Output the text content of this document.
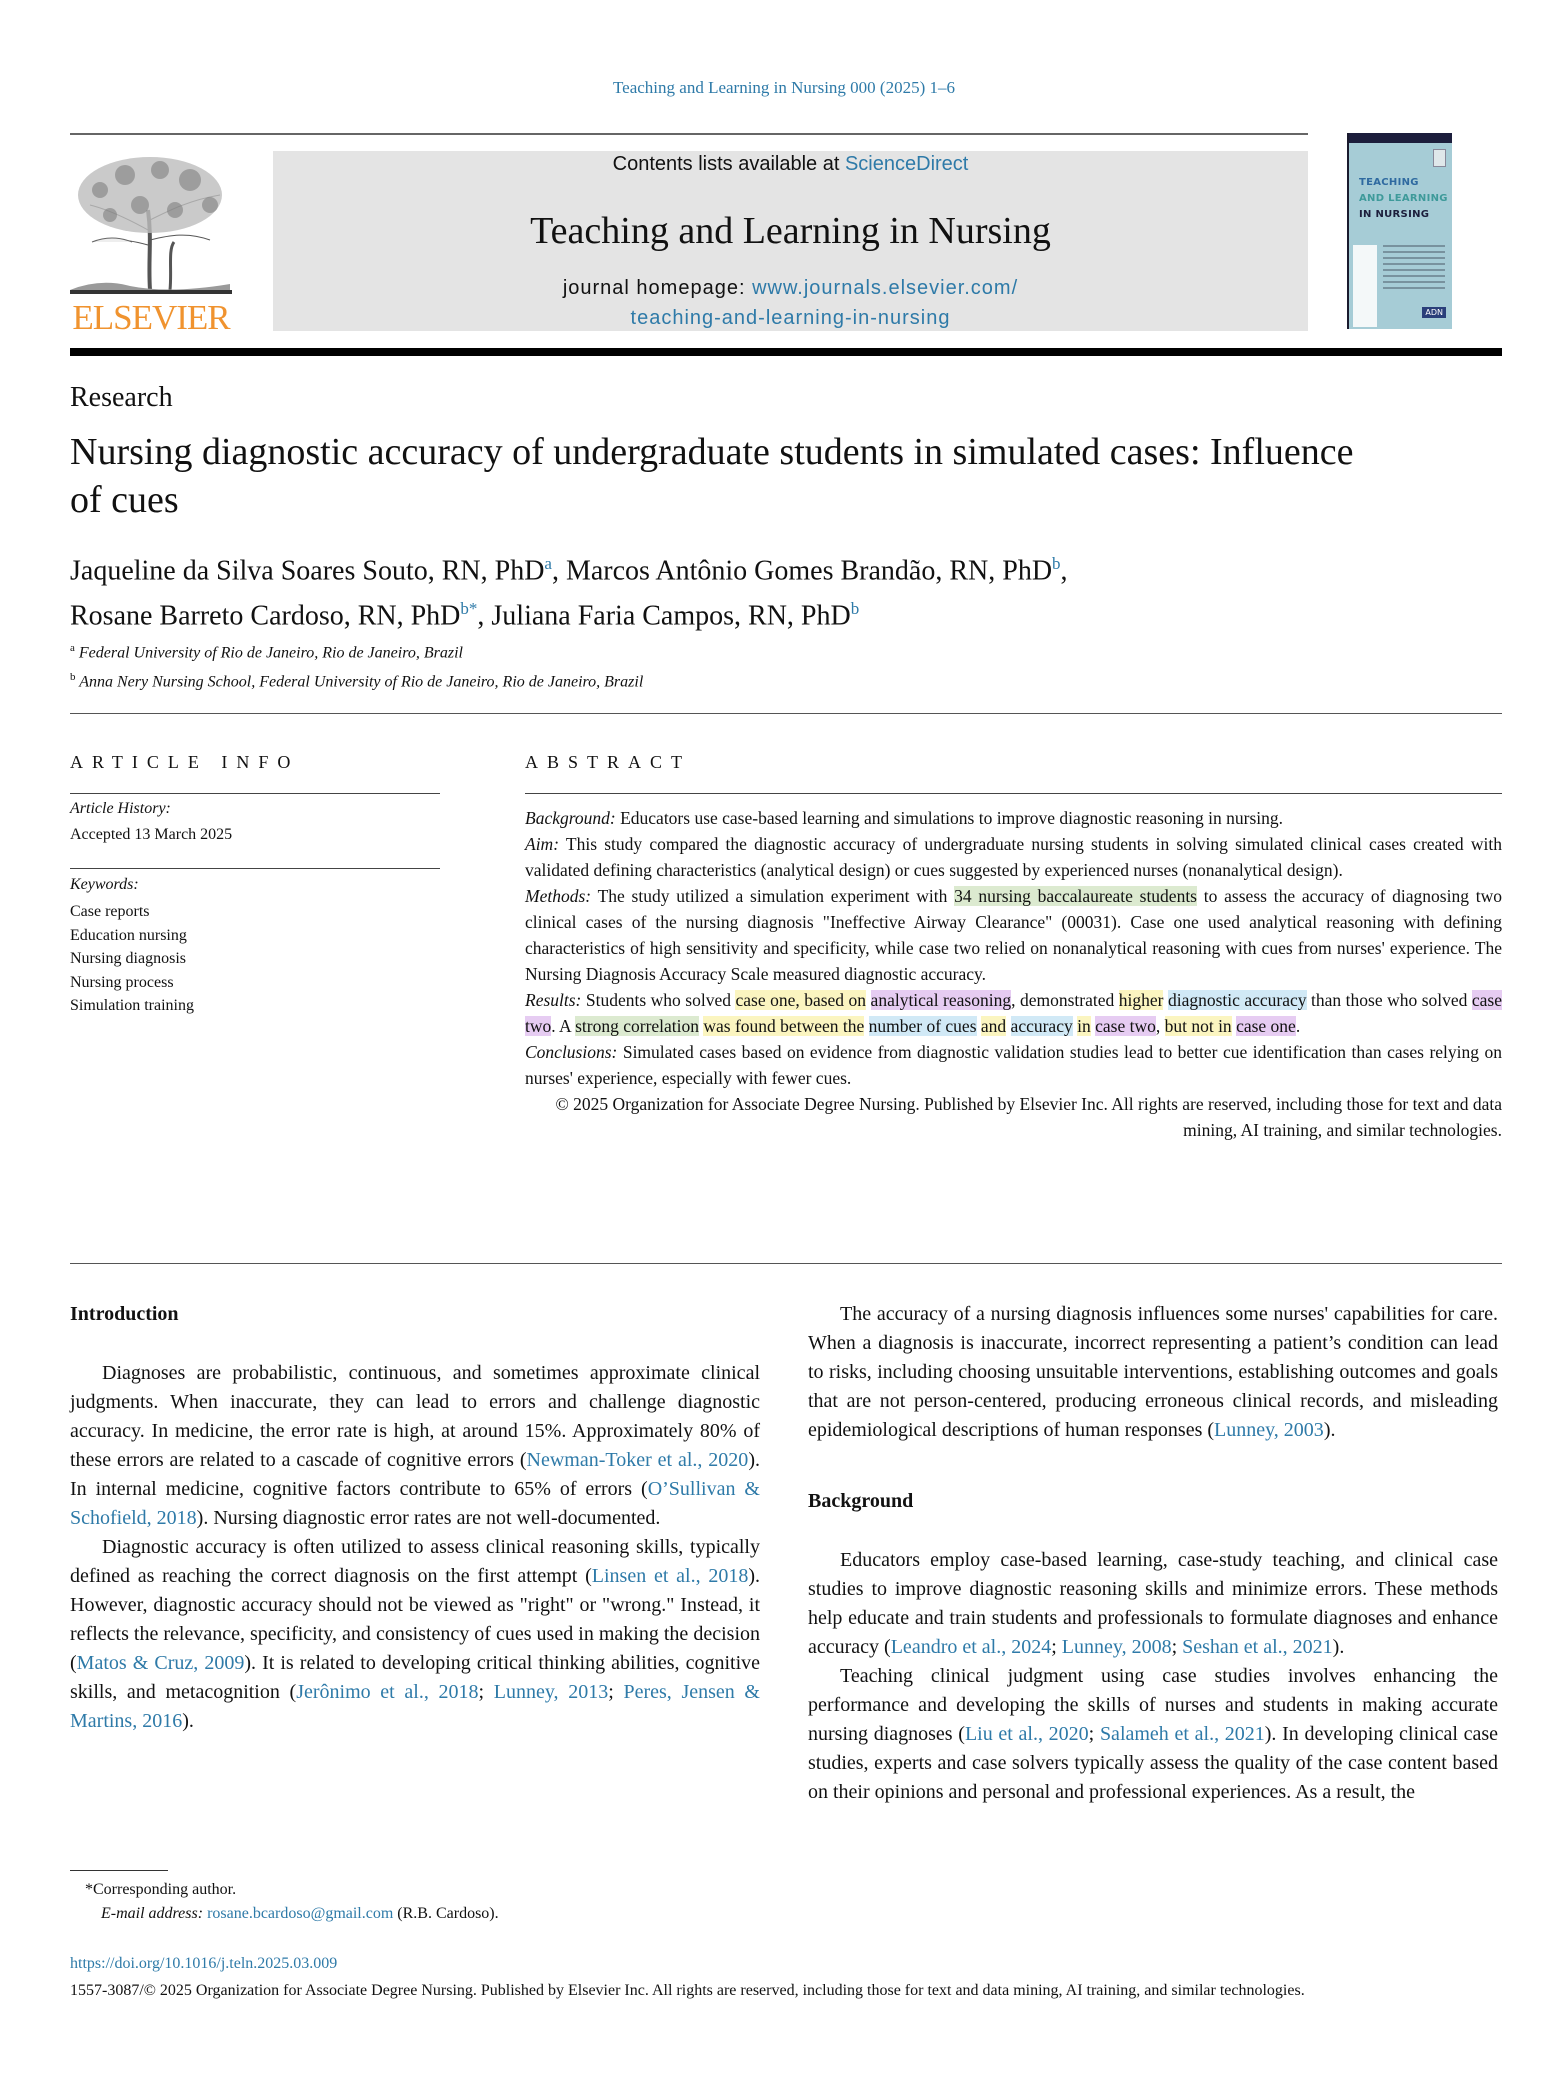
Teaching and Learning in Nursing 000 (2025) 1–6
ELSEVIER
Contents lists available at ScienceDirect
Teaching and Learning in Nursing
journal homepage: www.journals.elsevier.com/
teaching-and-learning-in-nursing
TEACHING
AND LEARNING
IN NURSING
ADN
Research
Nursing diagnostic accuracy of undergraduate students in simulated cases: Influence of cues
Jaqueline da Silva Soares Souto, RN, PhD$^a$, Marcos Antônio Gomes Brandão, RN, PhD$^b$,
Rosane Barreto Cardoso, RN, PhD$^{b*}$, Juliana Faria Campos, RN, PhD$^b$
$^a$ Federal University of Rio de Janeiro, Rio de Janeiro, Brazil
$^b$ Anna Nery Nursing School, Federal University of Rio de Janeiro, Rio de Janeiro, Brazil
ARTICLE INFO
Article History:
Accepted 13 March 2025
Keywords:
Case reports
Education nursing
Nursing diagnosis
Nursing process
Simulation training
ABSTRACT

Background: Educators use case-based learning and simulations to improve diagnostic reasoning in nursing.

Aim: This study compared the diagnostic accuracy of undergraduate nursing students in solving simulated clinical cases created with validated defining characteristics (analytical design) or cues suggested by experienced nurses (nonanalytical design).

Methods: The study utilized a simulation experiment with 34 nursing baccalaureate students to assess the accuracy of diagnosing two clinical cases of the nursing diagnosis "Ineffective Airway Clearance" (00031). Case one used analytical reasoning with defining characteristics of high sensitivity and specificity, while case two relied on nonanalytical reasoning with cues from nurses' experience. The Nursing Diagnosis Accuracy Scale measured diagnostic accuracy.

Results: Students who solved case one, based on analytical reasoning, demonstrated higher diagnostic accuracy than those who solved case two. A strong correlation was found between the number of cues and accuracy in case two, but not in case one.

Conclusions: Simulated cases based on evidence from diagnostic validation studies lead to better cue identification than cases relying on nurses' experience, especially with fewer cues.

© 2025 Organization for Associate Degree Nursing. Published by Elsevier Inc. All rights are reserved, including those for text and data mining, AI training, and similar technologies.

Introduction

Diagnoses are probabilistic, continuous, and sometimes approximate clinical judgments. When inaccurate, they can lead to errors and challenge diagnostic accuracy. In medicine, the error rate is high, at around 15%. Approximately 80% of these errors are related to a cascade of cognitive errors (Newman-Toker et al., 2020). In internal medicine, cognitive factors contribute to 65% of errors (O’Sullivan & Schofield, 2018). Nursing diagnostic error rates are not well-documented.

Diagnostic accuracy is often utilized to assess clinical reasoning skills, typically defined as reaching the correct diagnosis on the first attempt (Linsen et al., 2018). However, diagnostic accuracy should not be viewed as "right" or "wrong." Instead, it reflects the relevance, specificity, and consistency of cues used in making the decision (Matos & Cruz, 2009). It is related to developing critical thinking abilities, cognitive skills, and metacognition (Jerônimo et al., 2018; Lunney, 2013; Peres, Jensen & Martins, 2016).

The accuracy of a nursing diagnosis influences some nurses' capabilities for care. When a diagnosis is inaccurate, incorrect representing a patient’s condition can lead to risks, including choosing unsuitable interventions, establishing outcomes and goals that are not person-centered, producing erroneous clinical records, and misleading epidemiological descriptions of human responses (Lunney, 2003).

Background

Educators employ case-based learning, case-study teaching, and clinical case studies to improve diagnostic reasoning skills and minimize errors. These methods help educate and train students and professionals to formulate diagnoses and enhance accuracy (Leandro et al., 2024; Lunney, 2008; Seshan et al., 2021).

Teaching clinical judgment using case studies involves enhancing the performance and developing the skills of nurses and students in making accurate nursing diagnoses (Liu et al., 2020; Salameh et al., 2021). In developing clinical case studies, experts and case solvers typically assess the quality of the case content based on their opinions and personal and professional experiences. As a result, the

*Corresponding author.
E-mail address: rosane.bcardoso@gmail.com (R.B. Cardoso).
https://doi.org/10.1016/j.teln.2025.03.009
1557-3087/© 2025 Organization for Associate Degree Nursing. Published by Elsevier Inc. All rights are reserved, including those for text and data mining, AI training, and similar technologies.
